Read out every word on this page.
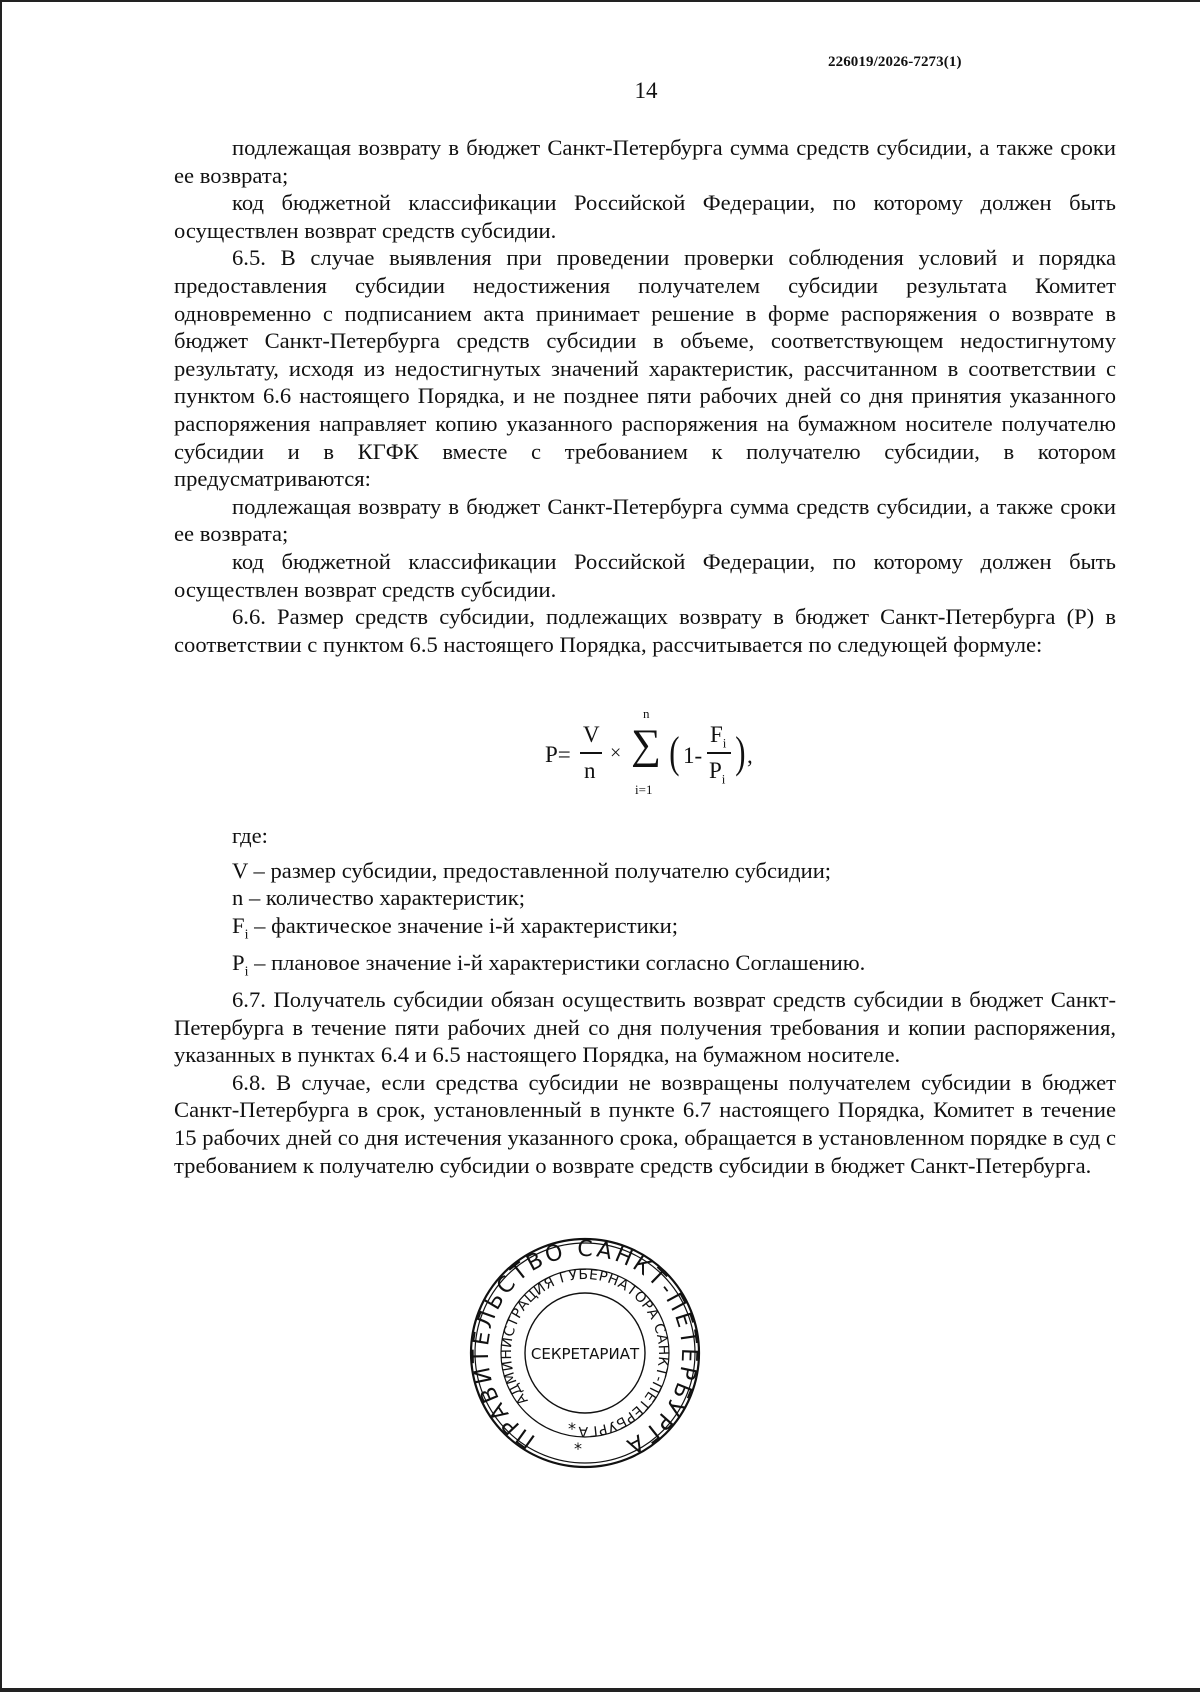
226019/2026-7273(1)
14

подлежащая возврату в бюджет Санкт-Петербурга сумма средств субсидии, а также сроки ее возврата;

код бюджетной классификации Российской Федерации, по которому должен быть осуществлен возврат средств субсидии.

6.5. В случае выявления при проведении проверки соблюдения условий и порядка предоставления субсидии недостижения получателем субсидии результата Комитет одновременно с подписанием акта принимает решение в форме распоряжения о возврате в бюджет Санкт-Петербурга средств субсидии в объеме, соответствующем недостигнутому результату, исходя из недостигнутых значений характеристик, рассчитанном в соответствии с пунктом 6.6 настоящего Порядка, и не позднее пяти рабочих дней со дня принятия указанного распоряжения направляет копию указанного распоряжения на бумажном носителе получателю субсидии и в КГФК вместе с требованием к получателю субсидии, в котором предусматриваются:

подлежащая возврату в бюджет Санкт-Петербурга сумма средств субсидии, а также сроки ее возврата;

код бюджетной классификации Российской Федерации, по которому должен быть осуществлен возврат средств субсидии.

6.6. Размер средств субсидии, подлежащих возврату в бюджет Санкт-Петербурга (Р) в соответствии с пунктом 6.5 настоящего Порядка, рассчитывается по следующей формуле:

P=
V
n
×
n
∑
i=1
( 1-
$F_i$
$P_i$
) ,

где:

V – размер субсидии, предоставленной получателю субсидии;

n – количество характеристик;

$F_i$ – фактическое значение i-й характеристики;

$P_i$ – плановое значение i-й характеристики согласно Соглашению.

6.7. Получатель субсидии обязан осуществить возврат средств субсидии в бюджет Санкт-Петербурга в течение пяти рабочих дней со дня получения требования и копии распоряжения, указанных в пунктах 6.4 и 6.5 настоящего Порядка, на бумажном носителе.

6.8. В случае, если средства субсидии не возвращены получателем субсидии в бюджет Санкт-Петербурга в срок, установленный в пункте 6.7 настоящего Порядка, Комитет в течение 15 рабочих дней со дня истечения указанного срока, обращается в установленном порядке в суд с требованием к получателю субсидии о возврате средств субсидии в бюджет Санкт-Петербурга.

ПРАВИТЕЛЬСТВО САНКТ-ПЕТЕРБУРГА
АДМИНИСТРАЦИЯ ГУБЕРНАТОРА САНКТ-ПЕТЕРБУРГА
СЕКРЕТАРИАТ
*
*
